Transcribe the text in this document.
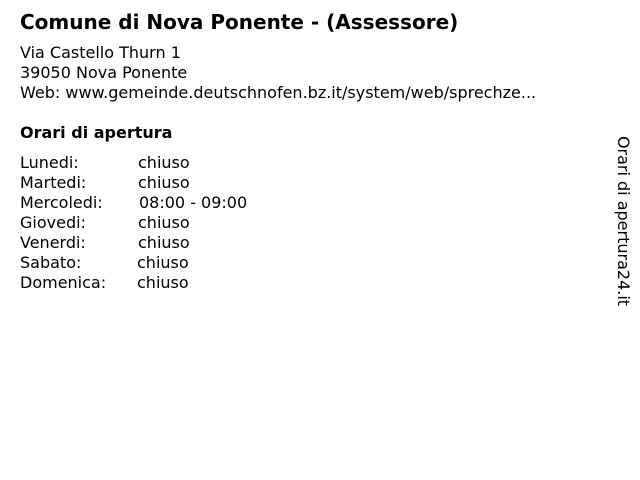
Comune di Nova Ponente - (Assessore)
Via Castello Thurn 1
39050 Nova Ponente
Web: www.gemeinde.deutschnofen.bz.it/system/web/sprechze...
Orari di apertura
Lunedi:	chiuso
Martedi:	chiuso
Mercoledi: 08:00 - 09:00
Giovedi:	chiuso
Venerdi:	chiuso
Sabato:	chiuso
Domenica: chiuso	Orari di apertura24.it
